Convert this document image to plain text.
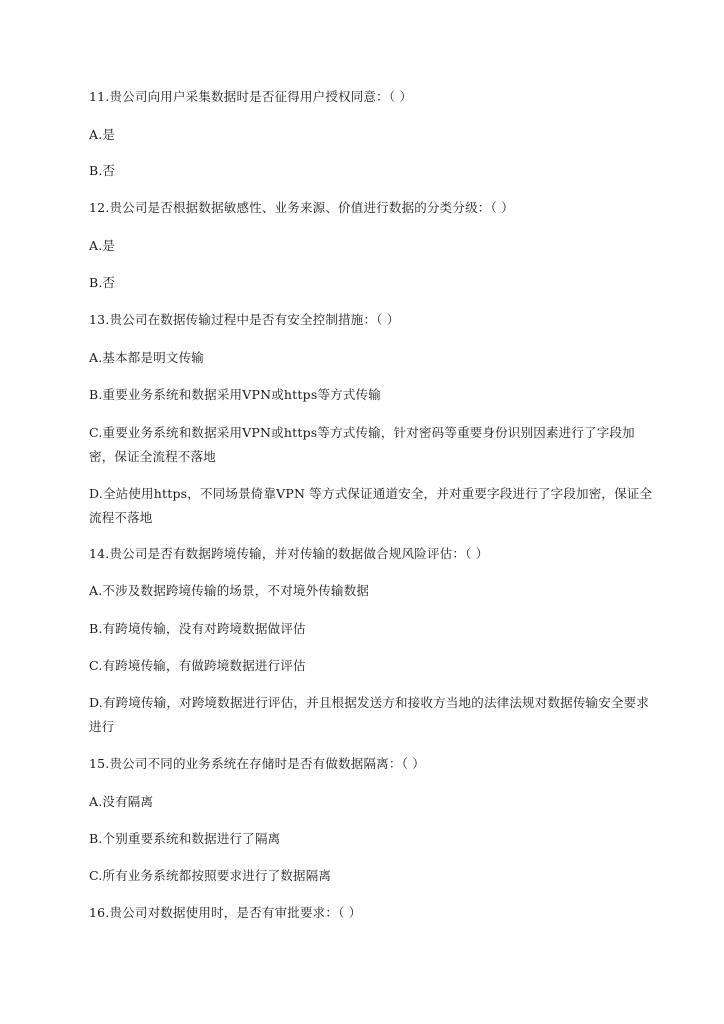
11.贵公司向用户采集数据时是否征得用户授权同意：（ ）
A.是
B.否
12.贵公司是否根据数据敏感性、业务来源、价值进行数据的分类分级：（ ）
A.是
B.否
13.贵公司在数据传输过程中是否有安全控制措施：（ ）
A.基本都是明文传输
B.重要业务系统和数据采用VPN或https等方式传输
C.重要业务系统和数据采用VPN或https等方式传输，针对密码等重要身份识别因素进行了字段加密，保证全流程不落地
D.全站使用https，不同场景倚靠VPN 等方式保证通道安全，并对重要字段进行了字段加密，保证全流程不落地
14.贵公司是否有数据跨境传输，并对传输的数据做合规风险评估：（ ）
A.不涉及数据跨境传输的场景，不对境外传输数据
B.有跨境传输，没有对跨境数据做评估
C.有跨境传输，有做跨境数据进行评估
D.有跨境传输，对跨境数据进行评估，并且根据发送方和接收方当地的法律法规对数据传输安全要求进行
15.贵公司不同的业务系统在存储时是否有做数据隔离：（ ）
A.没有隔离
B.个别重要系统和数据进行了隔离
C.所有业务系统都按照要求进行了数据隔离
16.贵公司对数据使用时，是否有审批要求：（ ）
